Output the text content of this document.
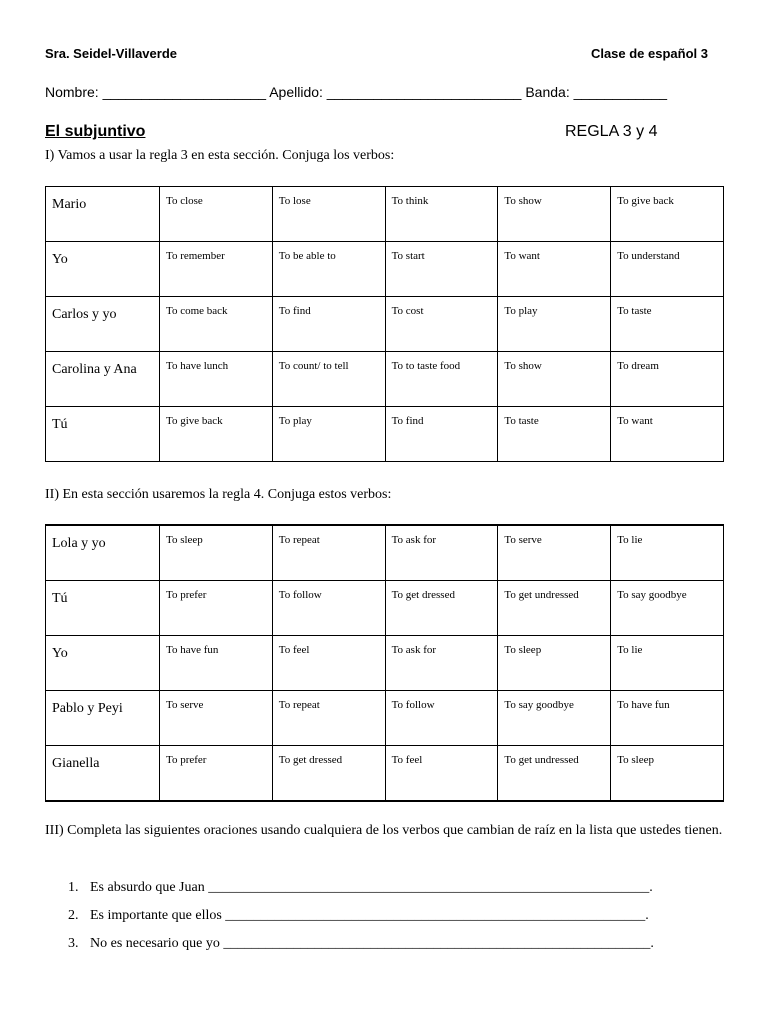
Sra. Seidel-Villaverde	Clase de español 3
Nombre: _____________________ Apellido: _________________________ Banda: ____________
El subjuntivo	REGLA 3 y 4
I) Vamos a usar la regla 3 en esta sección. Conjuga los verbos:
Mario	To close	To lose	To think	To show	To give back

Yo	To remember	To be able to	To start	To want	To understand

Carlos y yo	To come back	To find	To cost	To play	To taste

Carolina y Ana	To have lunch	To count/ to tell	To to taste food	To show	To dream

Tú	To give back	To play	To find	To taste	To want
II) En esta sección usaremos la regla 4. Conjuga estos verbos:
Lola y yo	To sleep	To repeat	To ask for	To serve	To lie

Tú	To prefer	To follow	To get dressed	To get undressed	To say goodbye

Yo	To have fun	To feel	To ask for	To sleep	To lie

Pablo y Peyi	To serve	To repeat	To follow	To say goodbye	To have fun

Gianella	To prefer	To get dressed	To feel	To get undressed	To sleep
III) Completa las siguientes oraciones usando cualquiera de los verbos que cambian de raíz en la lista que ustedes tienen.
1. Es absurdo que Juan _______________________________________________________________.
2. Es importante que ellos ____________________________________________________________.
3. No es necesario que yo _____________________________________________________________.
